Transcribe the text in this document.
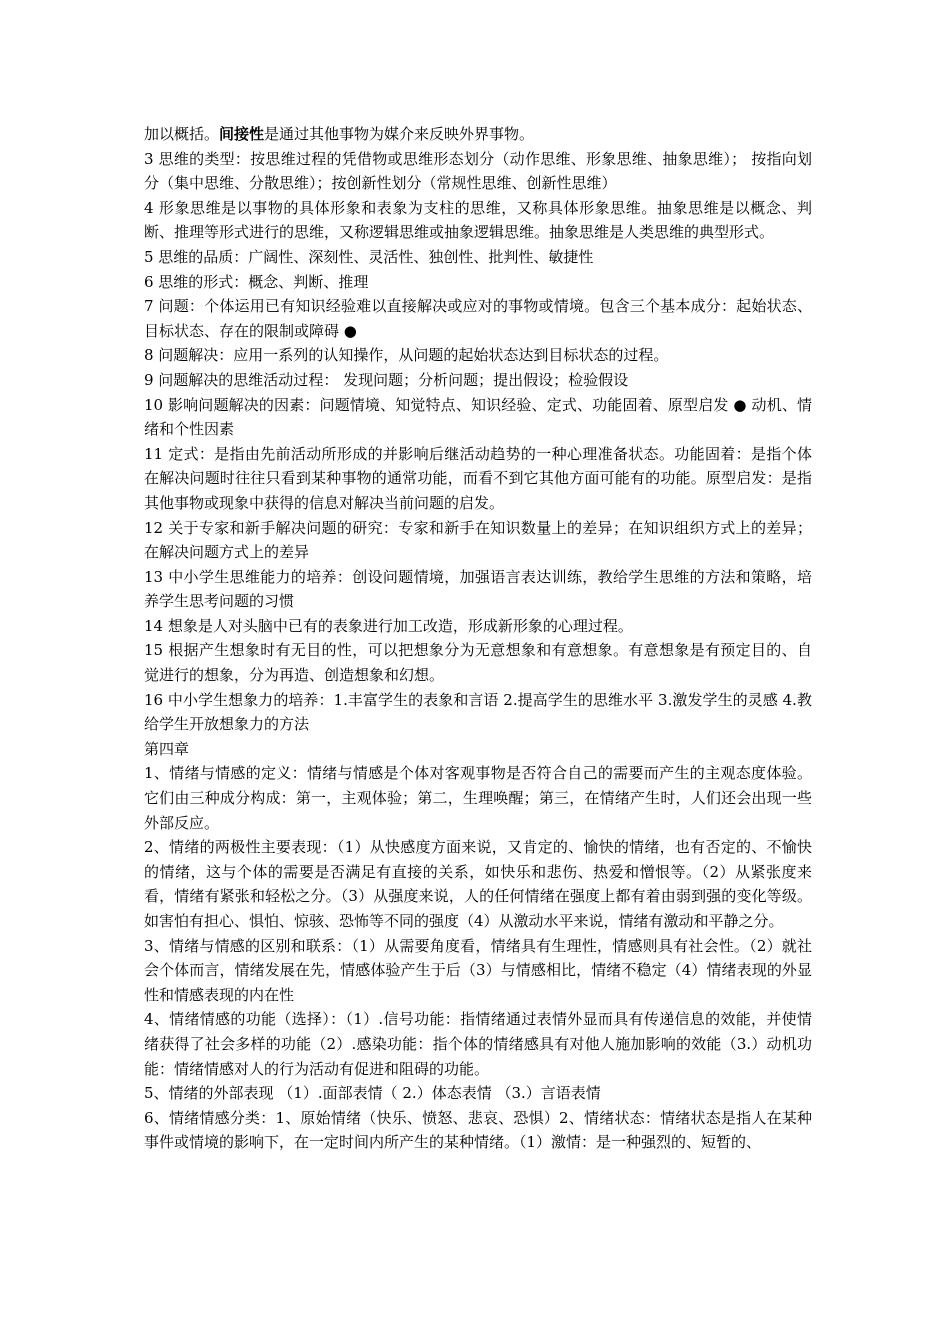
加以概括。间接性是通过其他事物为媒介来反映外界事物。

3 思维的类型：按思维过程的凭借物或思维形态划分（动作思维、形象思维、抽象思维）； 按指向划分（集中思维、分散思维）；按创新性划分（常规性思维、创新性思维）

4 形象思维是以事物的具体形象和表象为支柱的思维，又称具体形象思维。抽象思维是以概念、判断、推理等形式进行的思维，又称逻辑思维或抽象逻辑思维。抽象思维是人类思维的典型形式。

5 思维的品质：广阔性、深刻性、灵活性、独创性、批判性、敏捷性

6 思维的形式：概念、判断、推理

7 问题：个体运用已有知识经验难以直接解决或应对的事物或情境。包含三个基本成分：起始状态、目标状态、存在的限制或障碍 ●

8 问题解决：应用一系列的认知操作，从问题的起始状态达到目标状态的过程。

9 问题解决的思维活动过程： 发现问题；分析问题；提出假设；检验假设

10 影响问题解决的因素：问题情境、知觉特点、知识经验、定式、功能固着、原型启发 ● 动机、情绪和个性因素

11 定式：是指由先前活动所形成的并影响后继活动趋势的一种心理准备状态。功能固着：是指个体在解决问题时往往只看到某种事物的通常功能，而看不到它其他方面可能有的功能。原型启发：是指其他事物或现象中获得的信息对解决当前问题的启发。

12 关于专家和新手解决问题的研究：专家和新手在知识数量上的差异；在知识组织方式上的差异；在解决问题方式上的差异

13 中小学生思维能力的培养：创设问题情境，加强语言表达训练，教给学生思维的方法和策略，培养学生思考问题的习惯

14 想象是人对头脑中已有的表象进行加工改造，形成新形象的心理过程。

15 根据产生想象时有无目的性，可以把想象分为无意想象和有意想象。有意想象是有预定目的、自觉进行的想象，分为再造、创造想象和幻想。

16 中小学生想象力的培养：1.丰富学生的表象和言语 2.提高学生的思维水平 3.激发学生的灵感 4.教给学生开放想象力的方法

第四章

1、情绪与情感的定义：情绪与情感是个体对客观事物是否符合自己的需要而产生的主观态度体验。它们由三种成分构成：第一，主观体验；第二，生理唤醒；第三，在情绪产生时，人们还会出现一些外部反应。

2、情绪的两极性主要表现：（1）从快感度方面来说，又肯定的、愉快的情绪，也有否定的、不愉快的情绪，这与个体的需要是否满足有直接的关系，如快乐和悲伤、热爱和憎恨等。（2）从紧张度来看，情绪有紧张和轻松之分。（3）从强度来说，人的任何情绪在强度上都有着由弱到强的变化等级。如害怕有担心、惧怕、惊骇、恐怖等不同的强度（4）从激动水平来说，情绪有激动和平静之分。

3、情绪与情感的区别和联系：（1）从需要角度看，情绪具有生理性，情感则具有社会性。（2）就社会个体而言，情绪发展在先，情感体验产生于后（3）与情感相比，情绪不稳定（4）情绪表现的外显性和情感表现的内在性

4、情绪情感的功能（选择）：（1）.信号功能：指情绪通过表情外显而具有传递信息的效能，并使情绪获得了社会多样的功能（2）.感染功能：指个体的情绪感具有对他人施加影响的效能（3.）动机功能：情绪情感对人的行为活动有促进和阻碍的功能。

5、情绪的外部表现 （1）.面部表情（ 2.）体态表情 （3.）言语表情

6、情绪情感分类：1、原始情绪（快乐、愤怒、悲哀、恐惧）2、情绪状态：情绪状态是指人在某种事件或情境的影响下，在一定时间内所产生的某种情绪。（1）激情：是一种强烈的、短暂的、
